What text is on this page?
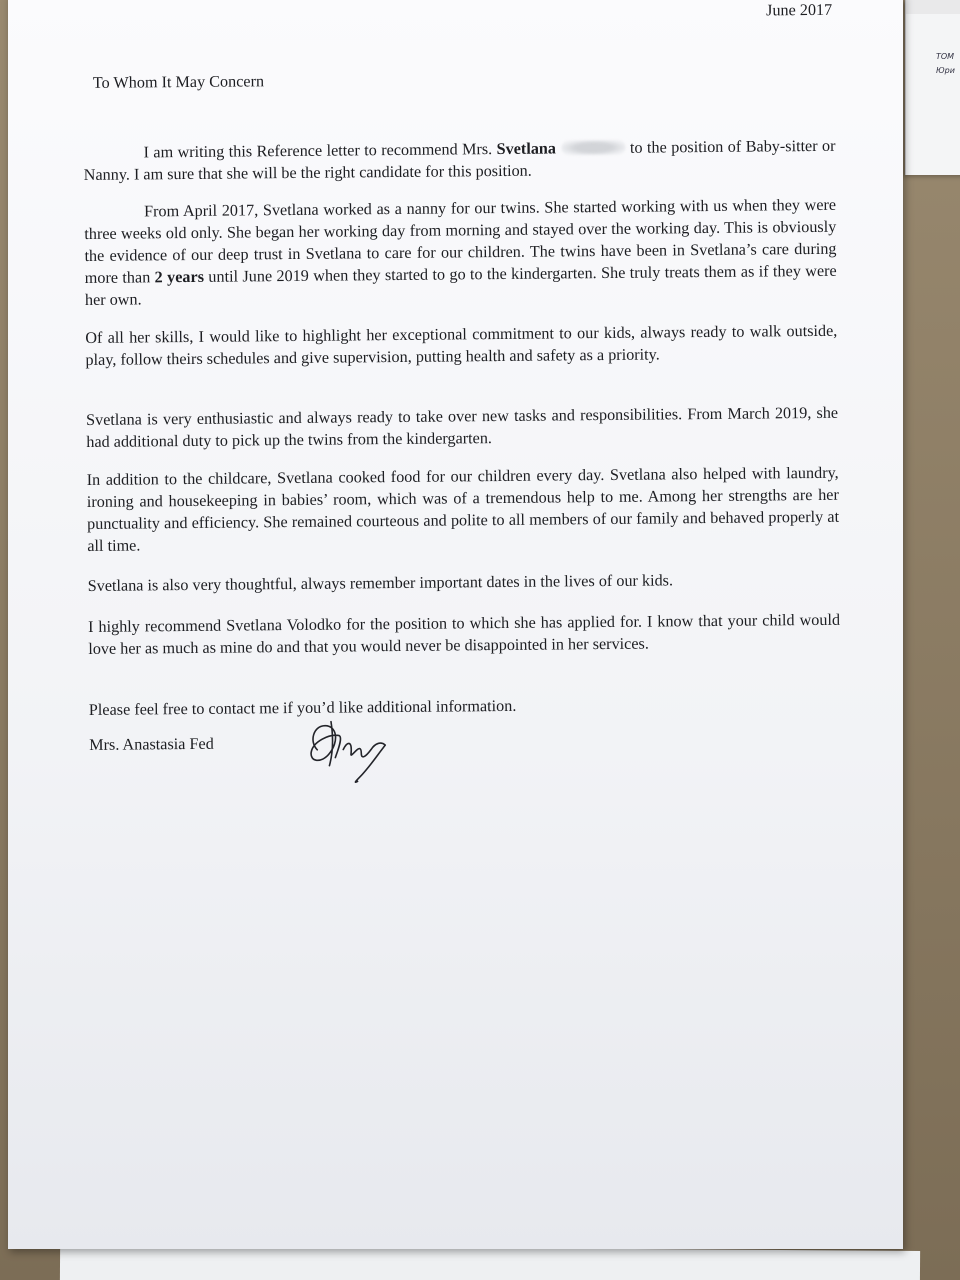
ТОМ
Юри
June 2017
To Whom It May Concern

I am writing this Reference letter to recommend Mrs. Svetlana	to the position of Baby-sitter or Nanny. I am sure that she will be the right candidate for this position.

From April 2017, Svetlana worked as a nanny for our twins. She started working with us when they were three weeks old only. She began her working day from morning and stayed over the working day. This is obviously the evidence of our deep trust in Svetlana to care for our children. The twins have been in Svetlana’s care during more than 2 years until June 2019 when they started to go to the kindergarten. She truly treats them as if they were her own.

Of all her skills, I would like to highlight her exceptional commitment to our kids, always ready to walk outside, play, follow theirs schedules and give supervision, putting health and safety as a priority.

Svetlana is very enthusiastic and always ready to take over new tasks and responsibilities. From March 2019, she had additional duty to pick up the twins from the kindergarten.

In addition to the childcare, Svetlana cooked food for our children every day. Svetlana also helped with laundry, ironing and housekeeping in babies’ room, which was of a tremendous help to me. Among her strengths are her punctuality and efficiency. She remained courteous and polite to all members of our family and behaved properly at all time.

Svetlana is also very thoughtful, always remember important dates in the lives of our kids.

I highly recommend Svetlana Volodko for the position to which she has applied for. I know that your child would love her as much as mine do and that you would never be disappointed in her services.

Please feel free to contact me if you’d like additional information.

Mrs. Anastasia Fed
